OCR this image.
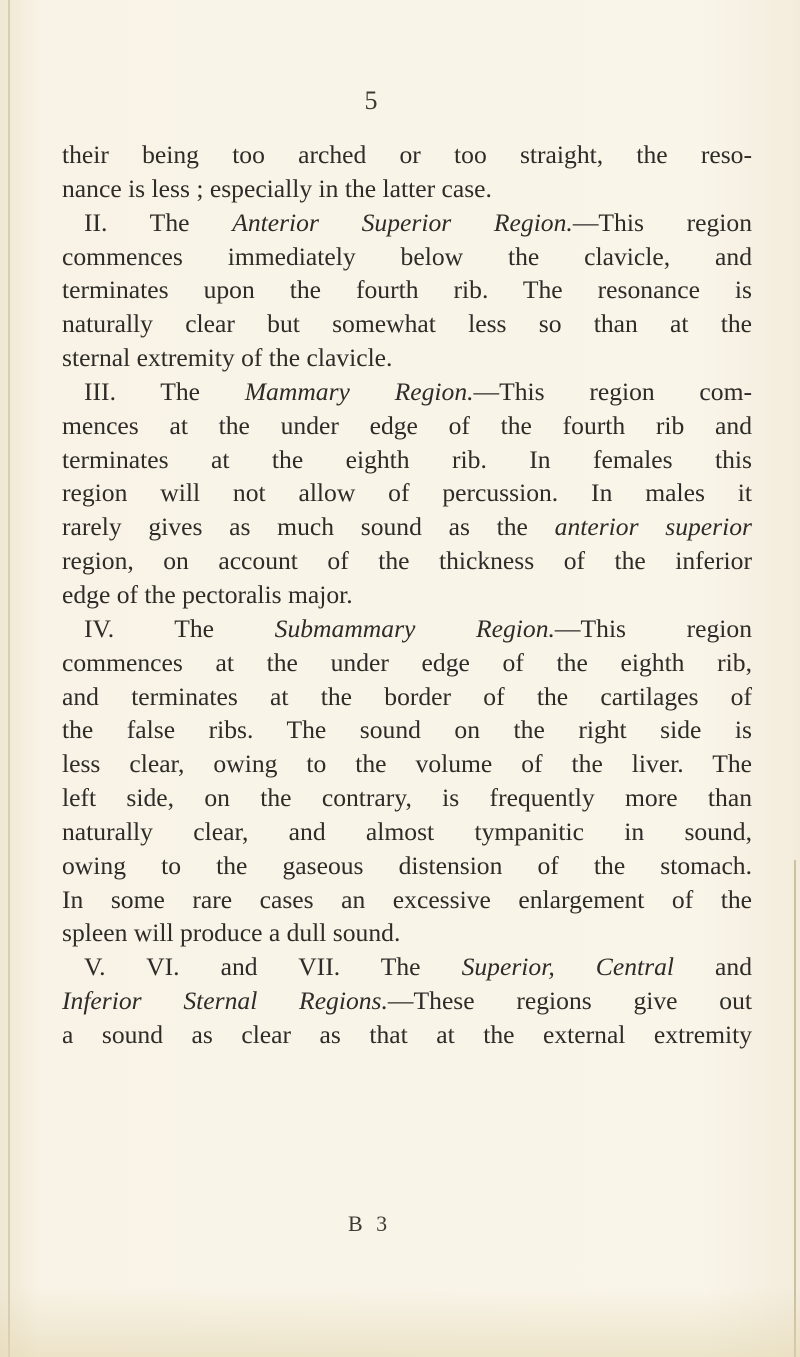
5
their being too arched or too straight, the reso-
nance is less ; especially in the latter case.
II. The Anterior Superior Region.—This region
commences immediately below the clavicle, and
terminates upon the fourth rib. The resonance is
naturally clear but somewhat less so than at the
sternal extremity of the clavicle.
III. The Mammary Region.—This region com-
mences at the under edge of the fourth rib and
terminates at the eighth rib. In females this
region will not allow of percussion. In males it
rarely gives as much sound as the anterior superior
region, on account of the thickness of the inferior
edge of the pectoralis major.
IV. The Submammary Region.—This region
commences at the under edge of the eighth rib,
and terminates at the border of the cartilages of
the false ribs. The sound on the right side is
less clear, owing to the volume of the liver. The
left side, on the contrary, is frequently more than
naturally clear, and almost tympanitic in sound,
owing to the gaseous distension of the stomach.
In some rare cases an excessive enlargement of the
spleen will produce a dull sound.
V. VI. and VII. The Superior, Central and
Inferior Sternal Regions.—These regions give out
a sound as clear as that at the external extremity
B 3
